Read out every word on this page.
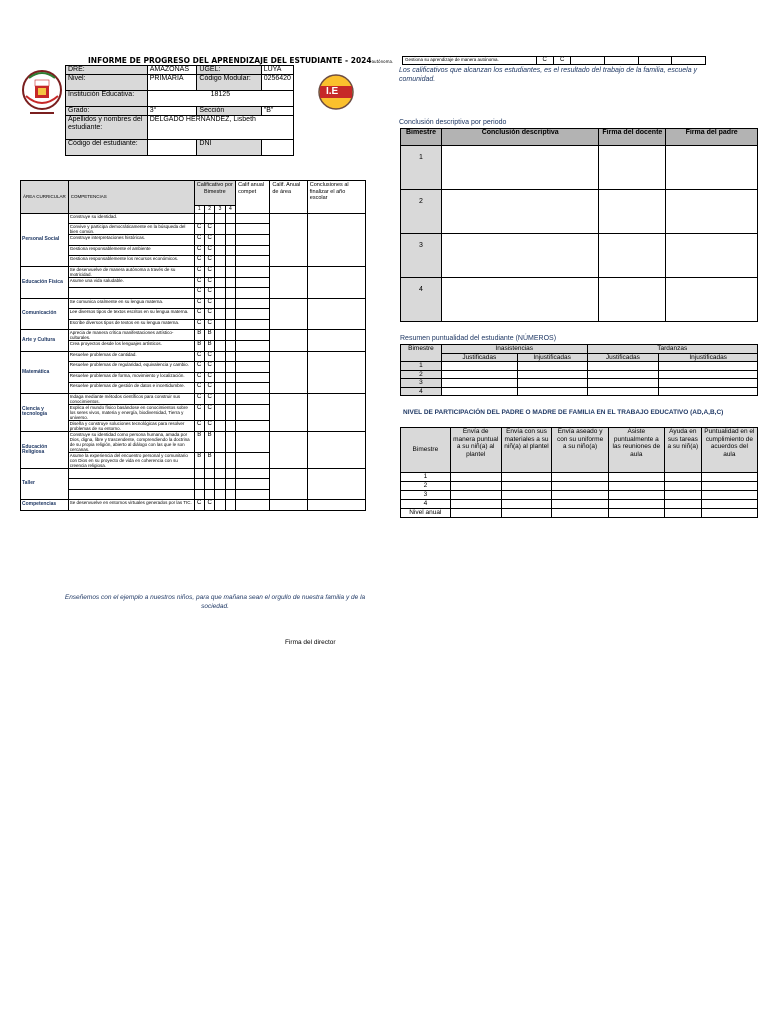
I.E
INFORME DE PROGRESO DEL APRENDIZAJE DEL ESTUDIANTE - 2024autónoma.
DRE:	AMAZONAS	UGEL:	LUYA
Nivel:	PRIMARIA	Código Modular:	0256420
Institución Educativa:	18125		
Grado:	3°	Sección	"B"
Apellidos y nombres del estudiante:	DELGADO HERNANDEZ, Lisbeth		
Código del estudiante:		DNI	
ÁREA CURRICULAR	COMPETENCIAS	Calificativo por Bimestre				Calif anual compet	Calif. Anual de área	Conclusiones al finalizar el año escolar
		1	2	3	4			
Personal Social	Construye su identidad.							
	Convive y participa democráticamente en la búsqueda del bien común.	C	C					
	Construye interpretaciones históricas.	C	C					
	Gestiona responsablemente el ambiente	C	C					
	Gestiona responsablemente los recursos económicos.	C	C					
Educación Física	Se desenvuelve de manera autónoma a través de su motricidad.	C	C					
	Asume una vida saludable.	C	C					
		C	C					
Comunicación	Se comunica oralmente en su lengua materna.	C	C					
	Lee diversos tipos de textos escritos en su lengua materna.	C	C					
	Escribe diversos tipos de textos en su lengua materna.	C	C					
Arte y Cultura	Aprecia de manera crítica manifestaciones artístico-culturales.	B	B					
	Crea proyectos desde los lenguajes artísticos.	B	B					
Matemática	Resuelve problemas de cantidad.	C	C					
	Resuelve problemas de regularidad, equivalencia y cambio.	C	C					
	Resuelve problemas de forma, movimiento y localización.	C	C					
	Resuelve problemas de gestión de datos e incertidumbre.	C	C					
Ciencia y tecnología	Indaga mediante métodos científicos para construir sus conocimientos.	C	C					
	Explica el mundo físico basándose en conocimientos sobre los seres vivos, materia y energía, biodiversidad, Tierra y universo.	C	C					
	Diseña y construye soluciones tecnológicas para resolver problemas de su entorno.	C	C					
Educación Religiosa	Construye su identidad como persona humana, amada por Dios, digna, libre y trascendente, comprendiendo la doctrina de su propia religión, abierto al diálogo con las que le son cercanas.	B	B					
	Asume la experiencia del encuentro personal y comunitario con Dios en su proyecto de vida en coherencia con su creencia religiosa.	B	B					
Taller								

Competencias	Se desenvuelve en entornos virtuales generados por las TIC.	C	C					
Gestiona su aprendizaje de manera autónoma.	C	C				
Los calificativos que alcanzan los estudiantes, es el resultado del trabajo de la familia, escuela y comunidad.
Conclusión descriptiva por periodo
Bimestre	Conclusión descriptiva	Firma del docente	Firma del padre
1			
2			
3			
4			
Resumen puntualidad del estudiante (NÚMEROS)
Bimestre	Inasistencias		Tardanzas	
	Justificadas	Injustificadas	Justificadas	Injustificadas
1				
2				
3				
4				
NIVEL DE PARTICIPACIÓN DEL PADRE O MADRE DE FAMILIA EN EL TRABAJO EDUCATIVO (AD,A,B,C)
Bimestre	Envía de manera puntual a su niñ(a) al plantel	Envía con sus materiales a su niñ(a) al plantel	Envía aseado y con su uniforme a su niño(a)	Asiste puntualmente a las reuniones de aula	Ayuda en sus tareas a su niñ(a)	Puntualidad en el cumplimiento de acuerdos del aula
1						
2						
3						
4						
Nivel anual						
Enseñemos con el ejemplo a nuestros niños, para que mañana sean el orgullo de nuestra familia y de la sociedad.
Firma del director
